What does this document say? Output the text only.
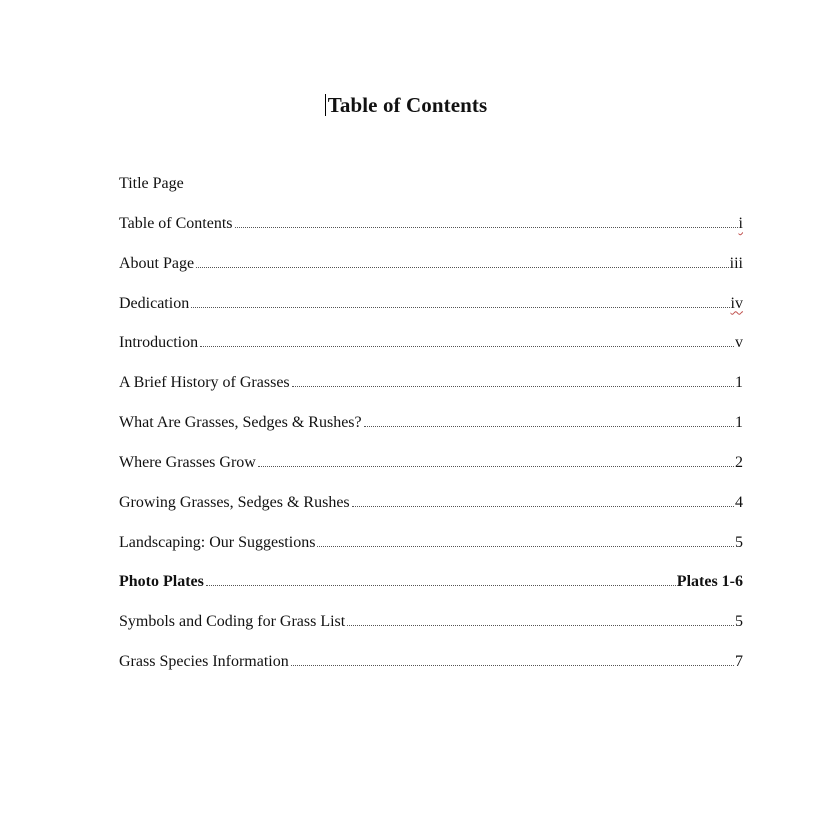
Table of Contents
Title Page
Table of Contents	i
About Page	iii
Dedication	iv
Introduction	v
A Brief History of Grasses	1
What Are Grasses, Sedges & Rushes?	1
Where Grasses Grow	2
Growing Grasses, Sedges & Rushes	4
Landscaping: Our Suggestions	5
Photo Plates	Plates 1-6
Symbols and Coding for Grass List	5
Grass Species Information	7
